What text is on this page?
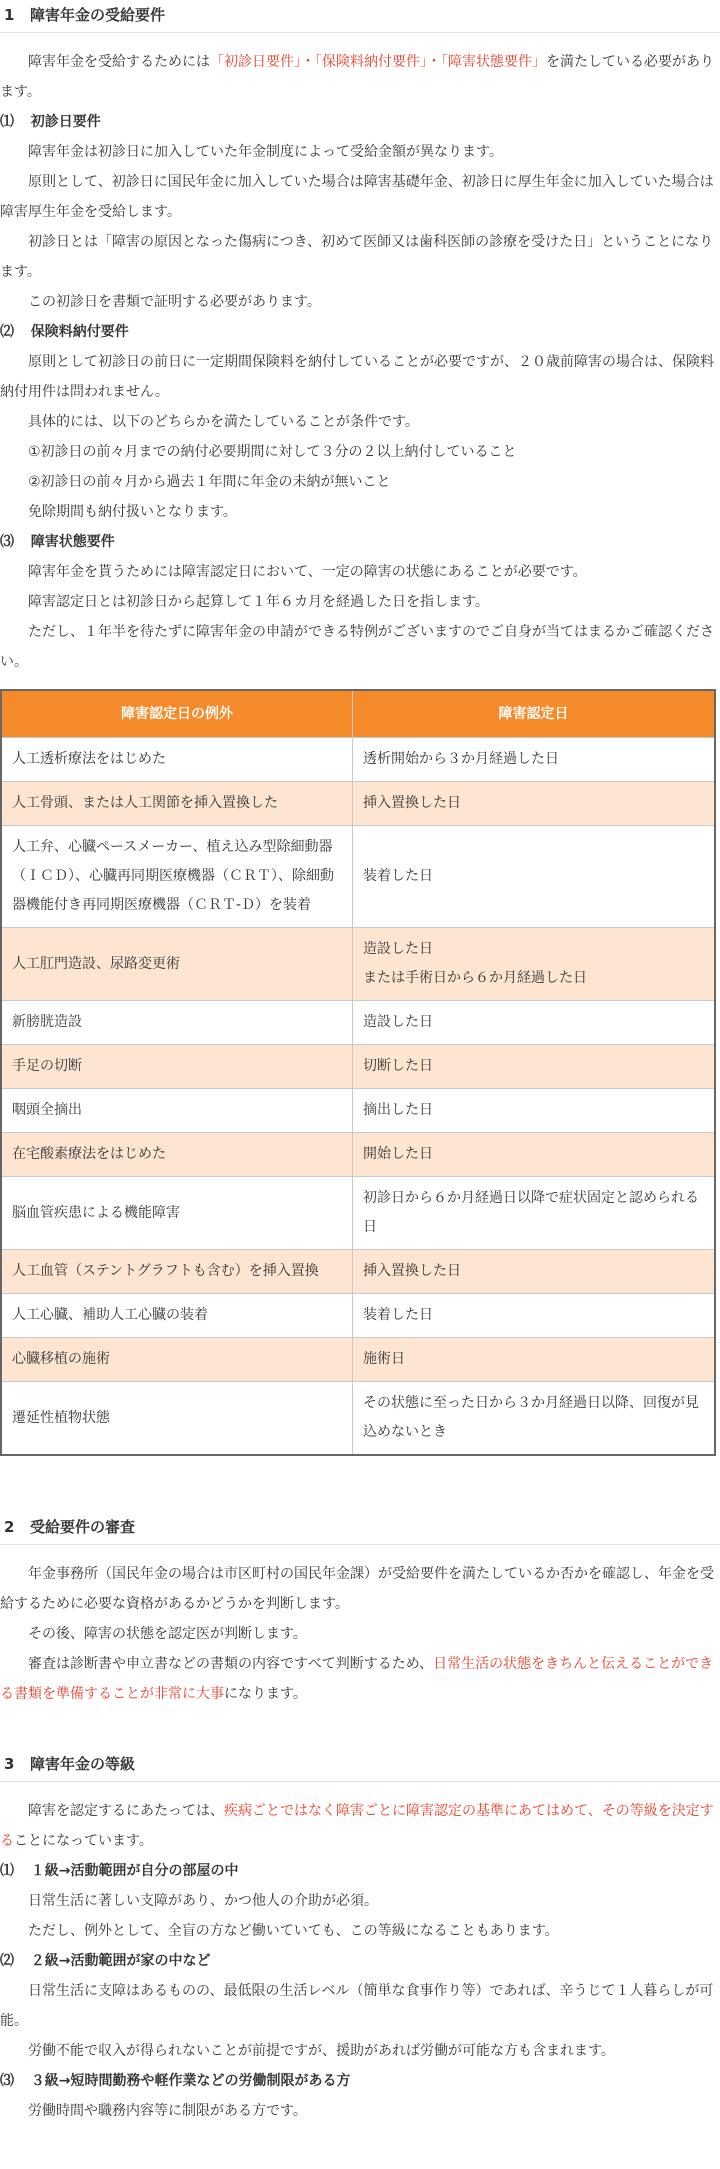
1 障害年金の受給要件

障害年金を受給するためには「初診日要件」・「保険料納付要件」・「障害状態要件」を満たしている必要があります。

⑴ 初診日要件

障害年金は初診日に加入していた年金制度によって受給金額が異なります。

原則として、初診日に国民年金に加入していた場合は障害基礎年金、初診日に厚生年金に加入していた場合は障害厚生年金を受給します。

初診日とは「障害の原因となった傷病につき、初めて医師又は歯科医師の診療を受けた日」ということになります。

この初診日を書類で証明する必要があります。

⑵ 保険料納付要件

原則として初診日の前日に一定期間保険料を納付していることが必要ですが、２０歳前障害の場合は、保険料納付用件は問われません。

具体的には、以下のどちらかを満たしていることが条件です。

①初診日の前々月までの納付必要期間に対して３分の２以上納付していること

②初診日の前々月から過去１年間に年金の未納が無いこと

免除期間も納付扱いとなります。

⑶ 障害状態要件

障害年金を貰うためには障害認定日において、一定の障害の状態にあることが必要です。

障害認定日とは初診日から起算して１年６カ月を経過した日を指します。

ただし、１年半を待たずに障害年金の申請ができる特例がございますのでご自身が当てはまるかご確認ください。

障害認定日の例外	障害認定日
人工透析療法をはじめた	透析開始から３か月経過した日
人工骨頭、または人工関節を挿入置換した	挿入置換した日
人工弁、心臓ペースメーカー、植え込み型除細動器（ＩＣＤ）、心臓再同期医療機器（ＣＲＴ）、除細動器機能付き再同期医療機器（ＣＲＴ-Ｄ）を装着	装着した日
人工肛門造設、尿路変更術	造設した日
または手術日から６か月経過した日
新膀胱造設	造設した日
手足の切断	切断した日
咽頭全摘出	摘出した日
在宅酸素療法をはじめた	開始した日
脳血管疾患による機能障害	初診日から６か月経過日以降で症状固定と認められる日
人工血管（ステントグラフトも含む）を挿入置換	挿入置換した日
人工心臓、補助人工心臓の装着	装着した日
心臓移植の施術	施術日
遷延性植物状態	その状態に至った日から３か月経過日以降、回復が見込めないとき
2 受給要件の審査

年金事務所（国民年金の場合は市区町村の国民年金課）が受給要件を満たしているか否かを確認し、年金を受給するために必要な資格があるかどうかを判断します。

その後、障害の状態を認定医が判断します。

審査は診断書や申立書などの書類の内容ですべて判断するため、日常生活の状態をきちんと伝えることができる書類を準備することが非常に大事になります。

3 障害年金の等級

障害を認定するにあたっては、疾病ごとではなく障害ごとに障害認定の基準にあてはめて、その等級を決定することになっています。

⑴ １級→活動範囲が自分の部屋の中

日常生活に著しい支障があり、かつ他人の介助が必須。

ただし、例外として、全盲の方など働いていても、この等級になることもあります。

⑵ ２級→活動範囲が家の中など

日常生活に支障はあるものの、最低限の生活レベル（簡単な食事作り等）であれば、辛うじて１人暮らしが可能。

労働不能で収入が得られないことが前提ですが、援助があれば労働が可能な方も含まれます。

⑶ ３級→短時間勤務や軽作業などの労働制限がある方

労働時間や職務内容等に制限がある方です。
